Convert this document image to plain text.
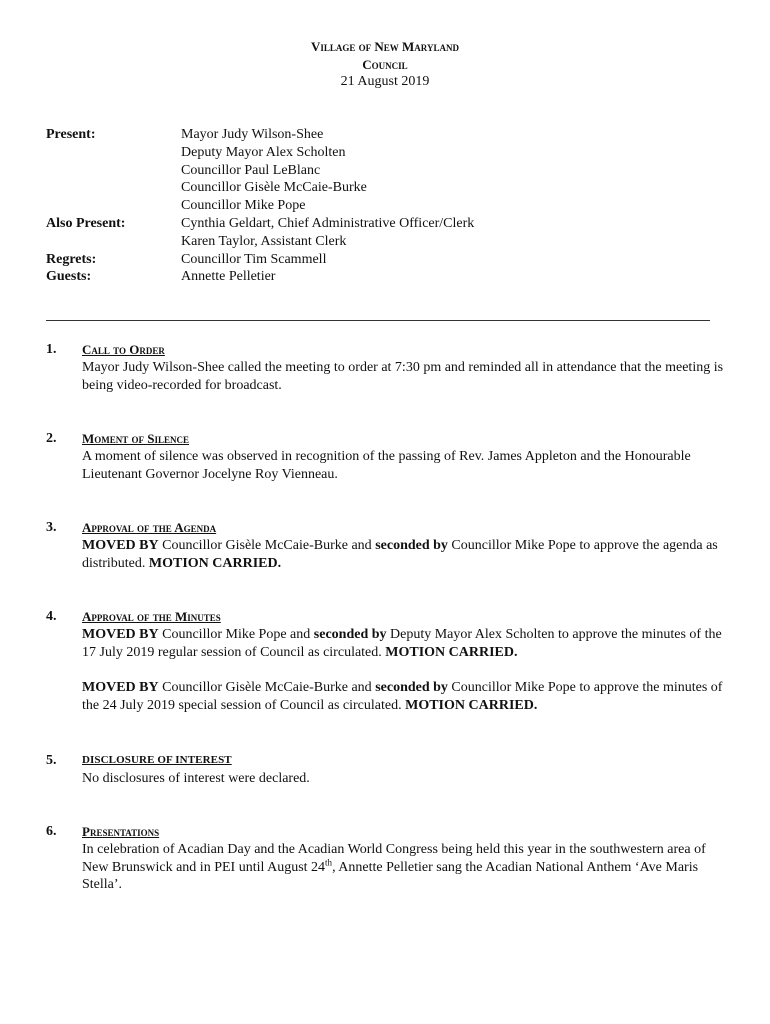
Village of New Maryland
Council
21 August 2019
Present:	Mayor Judy Wilson-Shee
Deputy Mayor Alex Scholten
Councillor Paul LeBlanc
Councillor Gisèle McCaie-Burke
Councillor Mike Pope
Also Present:	Cynthia Geldart, Chief Administrative Officer/Clerk
Karen Taylor, Assistant Clerk
Regrets:	Councillor Tim Scammell
Guests:	Annette Pelletier
1. Call to Order

Mayor Judy Wilson-Shee called the meeting to order at 7:30 pm and reminded all in attendance that the meeting is being video-recorded for broadcast.

2. Moment of Silence

A moment of silence was observed in recognition of the passing of Rev. James Appleton and the Honourable Lieutenant Governor Jocelyne Roy Vienneau.

3. Approval of the Agenda

MOVED BY Councillor Gisèle McCaie-Burke and seconded by Councillor Mike Pope to approve the agenda as distributed. MOTION CARRIED.

4. Approval of the Minutes

MOVED BY Councillor Mike Pope and seconded by Deputy Mayor Alex Scholten to approve the minutes of the 17 July 2019 regular session of Council as circulated. MOTION CARRIED.

MOVED BY Councillor Gisèle McCaie-Burke and seconded by Councillor Mike Pope to approve the minutes of the 24 July 2019 special session of Council as circulated. MOTION CARRIED.

5. DISCLOSURE OF INTEREST

No disclosures of interest were declared.

6. Presentations

In celebration of Acadian Day and the Acadian World Congress being held this year in the southwestern area of New Brunswick and in PEI until August 24th, Annette Pelletier sang the Acadian National Anthem ‘Ave Maris Stella’.
